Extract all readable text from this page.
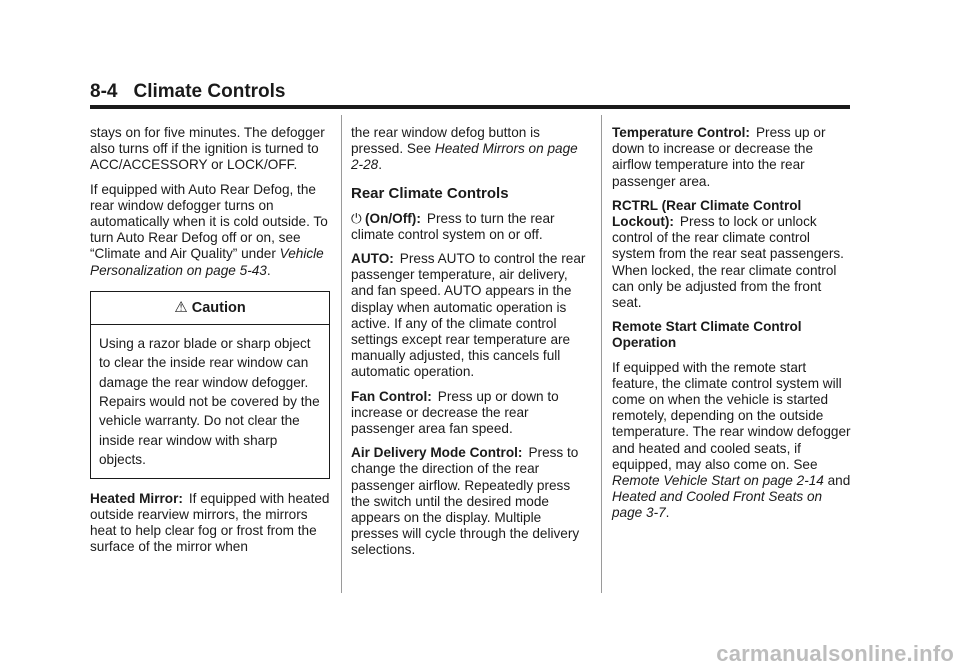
8-4 Climate Controls

stays on for five minutes. The defogger also turns off if the ignition is turned to ACC/ACCESSORY or LOCK/OFF.

If equipped with Auto Rear Defog, the rear window defogger turns on automatically when it is cold outside. To turn Auto Rear Defog off or on, see “Climate and Air Quality” under Vehicle Personalization on page 5-43.

⚠ Caution
Using a razor blade or sharp object to clear the inside rear window can damage the rear window defogger. Repairs would not be covered by the vehicle warranty. Do not clear the inside rear window with sharp objects.

Heated Mirror: If equipped with heated outside rearview mirrors, the mirrors heat to help clear fog or frost from the surface of the mirror when

the rear window defog button is pressed. See Heated Mirrors on page 2-28.

Rear Climate Controls

⏻ (On/Off): Press to turn the rear climate control system on or off.

AUTO: Press AUTO to control the rear passenger temperature, air delivery, and fan speed. AUTO appears in the display when automatic operation is active. If any of the climate control settings except rear temperature are manually adjusted, this cancels full automatic operation.

Fan Control: Press up or down to increase or decrease the rear passenger area fan speed.

Air Delivery Mode Control: Press to change the direction of the rear passenger airflow. Repeatedly press the switch until the desired mode appears on the display. Multiple presses will cycle through the delivery selections.

Temperature Control: Press up or down to increase or decrease the airflow temperature into the rear passenger area.

RCTRL (Rear Climate Control Lockout): Press to lock or unlock control of the rear climate control system from the rear seat passengers. When locked, the rear climate control can only be adjusted from the front seat.

Remote Start Climate Control Operation

If equipped with the remote start feature, the climate control system will come on when the vehicle is started remotely, depending on the outside temperature. The rear window defogger and heated and cooled seats, if equipped, may also come on. See Remote Vehicle Start on page 2-14 and Heated and Cooled Front Seats on page 3-7.

carmanualsonline.info
